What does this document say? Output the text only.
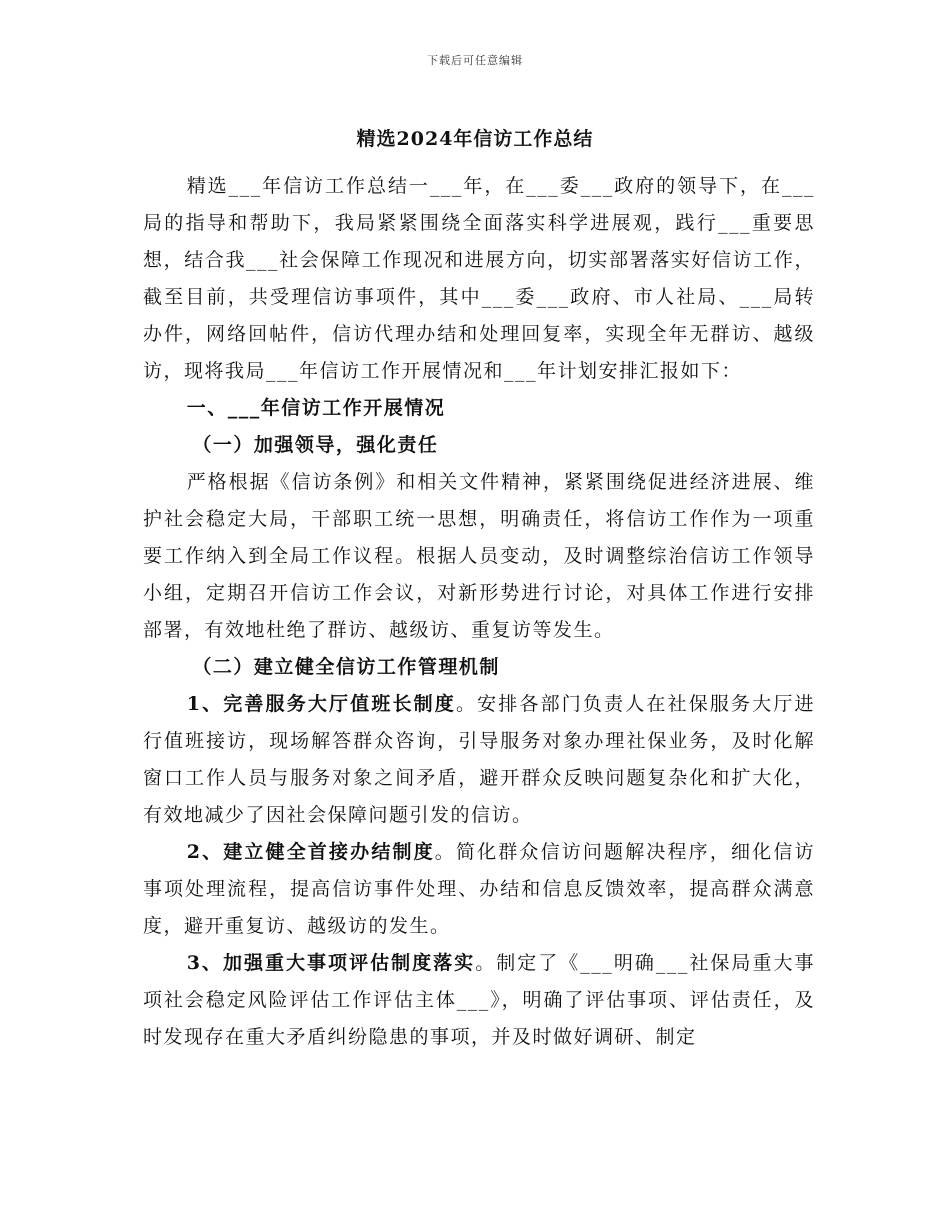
下载后可任意编辑
精选2024年信访工作总结

精选___年信访工作总结一___年，在___委___政府的领导下，在___局的指导和帮助下，我局紧紧围绕全面落实科学进展观，践行___重要思想，结合我___社会保障工作现况和进展方向，切实部署落实好信访工作，截至目前，共受理信访事项件，其中___委___政府、市人社局、___局转办件，网络回帖件，信访代理办结和处理回复率，实现全年无群访、越级访，现将我局___年信访工作开展情况和___年计划安排汇报如下：

一、___年信访工作开展情况

（一）加强领导，强化责任

严格根据《信访条例》和相关文件精神，紧紧围绕促进经济进展、维护社会稳定大局，干部职工统一思想，明确责任，将信访工作作为一项重要工作纳入到全局工作议程。根据人员变动，及时调整综治信访工作领导小组，定期召开信访工作会议，对新形势进行讨论，对具体工作进行安排部署，有效地杜绝了群访、越级访、重复访等发生。

（二）建立健全信访工作管理机制

1、完善服务大厅值班长制度。安排各部门负责人在社保服务大厅进行值班接访，现场解答群众咨询，引导服务对象办理社保业务，及时化解窗口工作人员与服务对象之间矛盾，避开群众反映问题复杂化和扩大化，有效地减少了因社会保障问题引发的信访。

2、建立健全首接办结制度。简化群众信访问题解决程序，细化信访事项处理流程，提高信访事件处理、办结和信息反馈效率，提高群众满意度，避开重复访、越级访的发生。

3、加强重大事项评估制度落实。制定了《___明确___社保局重大事项社会稳定风险评估工作评估主体___》，明确了评估事项、评估责任，及时发现存在重大矛盾纠纷隐患的事项，并及时做好调研、制定
